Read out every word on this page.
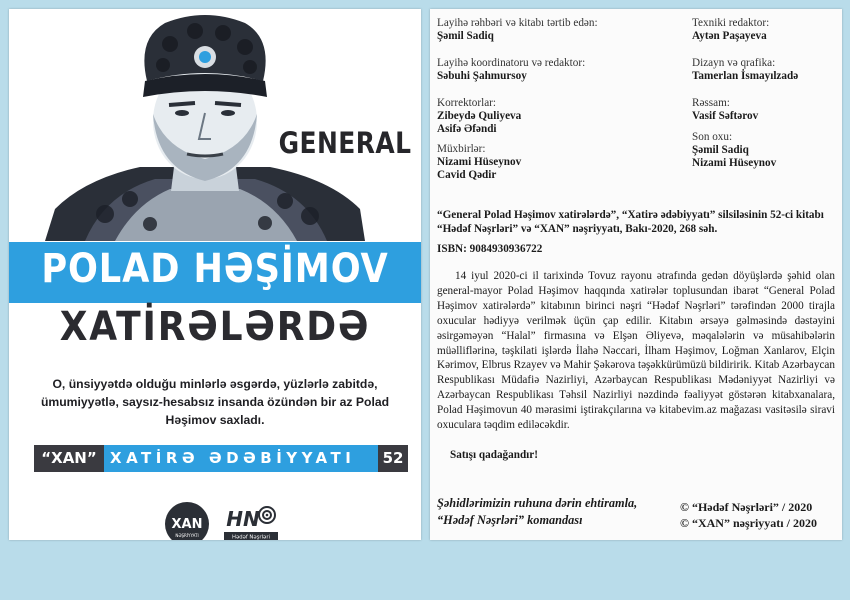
GENERAL
POLAD HƏŞİMOV
XATİRƏLƏRDƏ
O, ünsiyyətdə olduğu minlərlə əsgərdə, yüzlərlə zabitdə, ümumiyyətlə, saysız-hesabsız insanda özündən bir az Polad Həşimov saxladı.
“XAN” XATİRƏ ƏDƏBİYYATI	52
XAN
NƏŞRİYYATI
HN
Hədəf Nəşrləri
Layihə rəhbəri və kitabı tərtib edən:
Şəmil Sadiq
Layihə koordinatoru və redaktor:
Səbuhi Şahmursoy
Korrektorlar:
Zibeydə Quliyeva
Asifə Əfəndi
Müxbirlər:
Nizami Hüseynov
Cavid Qədir
Texniki redaktor:
Aytən Paşayeva
Dizayn və qrafika:
Tamerlan İsmayılzadə
Rəssam:
Vasif Səftərov
Son oxu:
Şəmil Sadiq
Nizami Hüseynov
“General Polad Həşimov xatirələrdə”, “Xatirə ədəbiyyatı” silsiləsinin 52-ci kitabı “Hədəf Nəşrləri” və “XAN” nəşriyyatı, Bakı-2020, 268 səh.
ISBN: 9084930936722

14 iyul 2020-ci il tarixində Tovuz rayonu ətrafında gedən döyüşlərdə şəhid olan general-mayor Polad Həşimov haqqında xatirələr toplusundan ibarət “General Polad Həşimov xatirələrdə” kitabının birinci nəşri “Hədəf Nəşrləri” tərəfindən 2000 tirajla oxucular hədiyyə verilmək üçün çap edilir. Kitabın ərsəyə gəlməsində dəstəyini əsirgəməyən “Halal” firmasına və Elşən Əliyevə, məqalələrin və müsahibələrin müəlliflərinə, təşkilati işlərdə İlahə Nəccari, İlham Həşimov, Loğman Xanlarov, Elçin Kərimov, Elbrus Rzayev və Mahir Şəkərova təşəkkürümüzü bildiririk. Kitab Azərbaycan Respublikası Müdafiə Nazirliyi, Azərbaycan Respublikası Mədəniyyət Nazirliyi və Azərbaycan Respublikası Təhsil Nazirliyi nəzdində fəaliyyət göstərən kitabxanalara, Polad Həşimovun 40 mərasimi iştirakçılarına və kitabevim.az mağazası vasitəsilə siravi oxuculara təqdim ediləcəkdir.

Satışı qadağandır!
Şəhidlərimizin ruhuna dərin ehtiramla,
“Hədəf Nəşrləri” komandası
© “Hədəf Nəşrləri” / 2020
© “XAN” nəşriyyatı / 2020
